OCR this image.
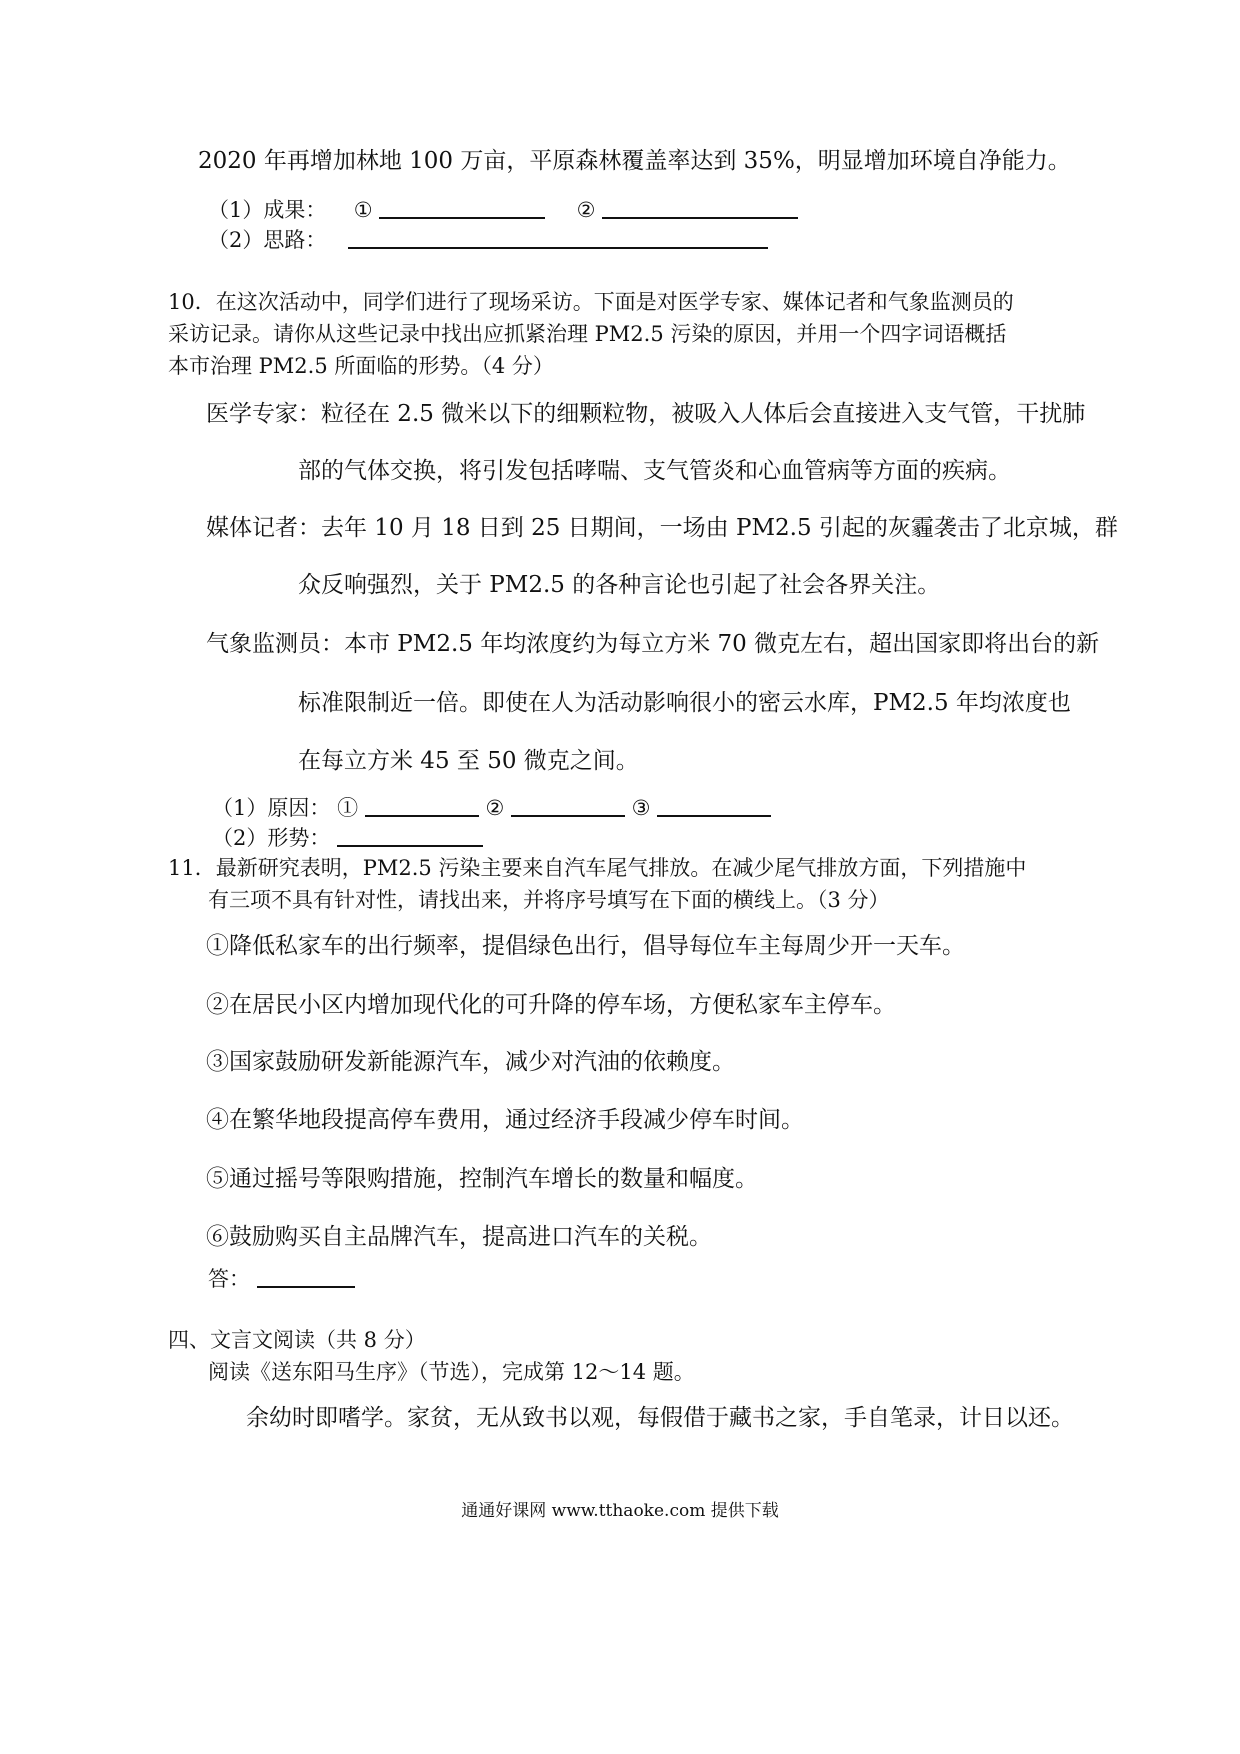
2020 年再增加林地 100 万亩，平原森林覆盖率达到 35%，明显增加环境自净能力。
（1）成果： ①	②
（2）思路：
10．在这次活动中，同学们进行了现场采访。下面是对医学专家、媒体记者和气象监测员的
采访记录。请你从这些记录中找出应抓紧治理 PM2.5 污染的原因，并用一个四字词语概括
本市治理 PM2.5 所面临的形势。（4 分）
医学专家：粒径在 2.5 微米以下的细颗粒物，被吸入人体后会直接进入支气管，干扰肺
部的气体交换，将引发包括哮喘、支气管炎和心血管病等方面的疾病。
媒体记者：去年 10 月 18 日到 25 日期间，一场由 PM2.5 引起的灰霾袭击了北京城，群
众反响强烈，关于 PM2.5 的各种言论也引起了社会各界关注。
气象监测员：本市 PM2.5 年均浓度约为每立方米 70 微克左右，超出国家即将出台的新
标准限制近一倍。即使在人为活动影响很小的密云水库，PM2.5 年均浓度也
在每立方米 45 至 50 微克之间。
（1）原因： ①	②	③
（2）形势：
11．最新研究表明，PM2.5 污染主要来自汽车尾气排放。在减少尾气排放方面，下列措施中
有三项不具有针对性，请找出来，并将序号填写在下面的横线上。（3 分）
①降低私家车的出行频率，提倡绿色出行，倡导每位车主每周少开一天车。
②在居民小区内增加现代化的可升降的停车场，方便私家车主停车。
③国家鼓励研发新能源汽车，减少对汽油的依赖度。
④在繁华地段提高停车费用，通过经济手段减少停车时间。
⑤通过摇号等限购措施，控制汽车增长的数量和幅度。
⑥鼓励购买自主品牌汽车，提高进口汽车的关税。
答：
四、文言文阅读（共 8 分）
阅读《送东阳马生序》（节选），完成第 12～14 题。
余幼时即嗜学。家贫，无从致书以观，每假借于藏书之家，手自笔录，计日以还。
通通好课网 www.tthaoke.com 提供下载
